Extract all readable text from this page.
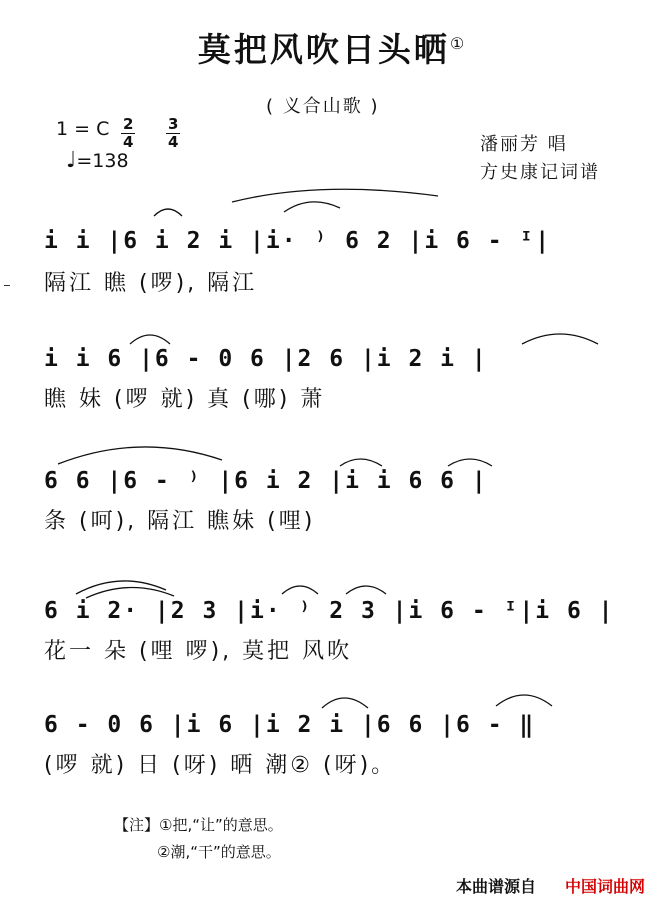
莫把风吹日头晒①
( 义合山歌 )
1 = C $\frac{2}{4} \frac{3}{4}$
♩=138
潘丽芳 唱
方史康记词谱
i i |6 i 2 i |i· ⁾ 6 2 |i 6 - ᴵ|
隔江 瞧 (啰), 隔江
i i 6 |6 - 0 6 |2 6 |i 2 i |
瞧 妹 (啰 就) 真 (哪) 萧
6 6 |6 - ⁾ |6 i 2 |i i 6 6 |
条 (呵), 隔江 瞧妹 (哩)
6 i 2· |2 3 |i· ⁾ 2 3 |i 6 - ᴵ|i 6 |
花一 朵 (哩 啰), 莫把 风吹
6 - 0 6 |i 6 |i 2 i |6 6 |6 - ‖
(啰 就) 日 (呀) 晒 潮② (呀)。
【注】①把,“让”的意思。
②潮,“干”的意思。
本曲谱源自 中国词曲网
